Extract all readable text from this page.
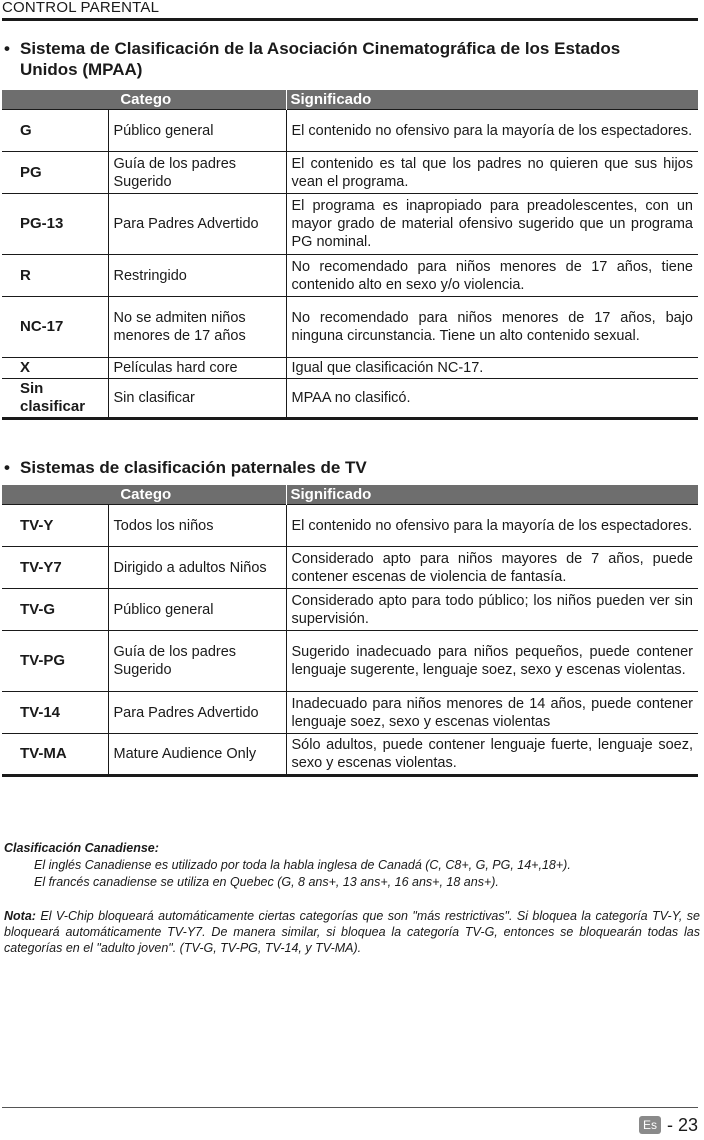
CONTROL PARENTAL
• Sistema de Clasificación de la Asociación Cinematográfica de los Estados
Unidos (MPAA)
Catego		Significado
G	Público general	El contenido no ofensivo para la mayoría de los espectadores.
PG	Guía de los padres Sugerido	El contenido es tal que los padres no quieren que sus hijos vean el programa.
PG-13	Para Padres Advertido	El programa es inapropiado para preadolescentes, con un mayor grado de material ofensivo sugerido que un programa PG nominal.
R	Restringido	No recomendado para niños menores de 17 años, tiene contenido alto en sexo y/o violencia.
NC-17	No se admiten niños menores de 17 años	No recomendado para niños menores de 17 años, bajo ninguna circunstancia. Tiene un alto contenido sexual.
X	Películas hard core	Igual que clasificación NC-17.
Sin clasificar	Sin clasificar	MPAA no clasificó.
• Sistemas de clasificación paternales de TV
Catego		Significado
TV-Y	Todos los niños	El contenido no ofensivo para la mayoría de los espectadores.
TV-Y7	Dirigido a adultos Niños	Considerado apto para niños mayores de 7 años, puede contener escenas de violencia de fantasía.
TV-G	Público general	Considerado apto para todo público; los niños pueden ver sin supervisión.
TV-PG	Guía de los padres Sugerido	Sugerido inadecuado para niños pequeños, puede contener lenguaje sugerente, lenguaje soez, sexo y escenas violentas.
TV-14	Para Padres Advertido	Inadecuado para niños menores de 14 años, puede contener lenguaje soez, sexo y escenas violentas
TV-MA	Mature Audience Only	Sólo adultos, puede contener lenguaje fuerte, lenguaje soez, sexo y escenas violentas.
Clasificación Canadiense:
El inglés Canadiense es utilizado por toda la habla inglesa de Canadá (C, C8+, G, PG, 14+,18+).
El francés canadiense se utiliza en Quebec (G, 8 ans+, 13 ans+, 16 ans+, 18 ans+).
Nota: El V-Chip bloqueará automáticamente ciertas categorías que son "más restrictivas". Si bloquea la categoría TV-Y, se bloqueará automáticamente TV-Y7. De manera similar, si bloquea la categoría TV-G, entonces se bloquearán todas las categorías en el "adulto joven". (TV-G, TV-PG, TV-14, y TV-MA).
Es - 23
